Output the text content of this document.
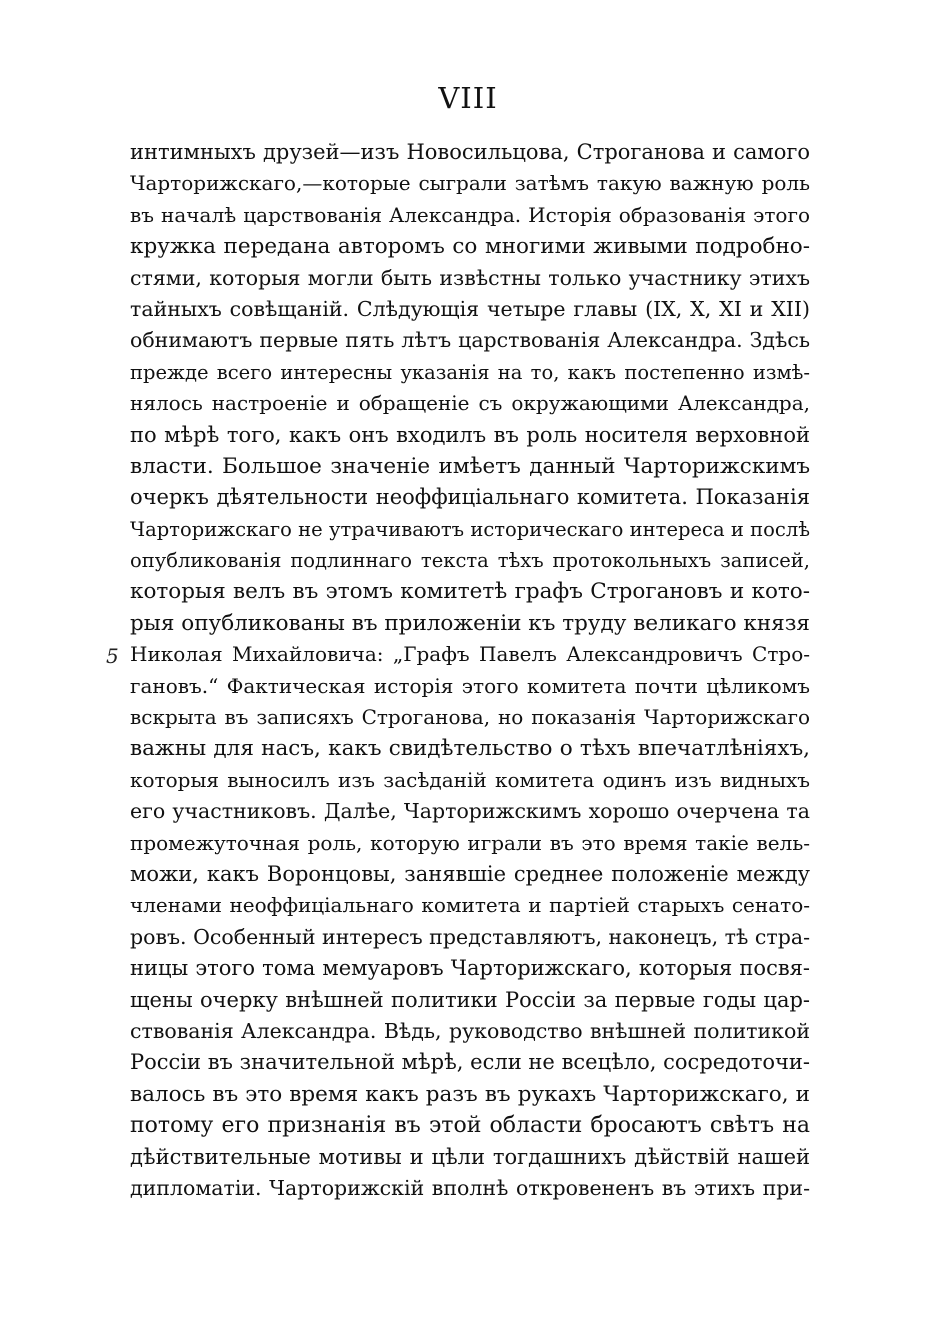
VIII
5
интимныхъ друзей—изъ Новосильцова, Строганова и самого
Чарторижскаго,—которые сыграли затѣмъ такую важную роль
въ началѣ царствованія Александра. Исторія образованія этого
кружка передана авторомъ со многими живыми подробно-
стями, которыя могли быть извѣстны только участнику этихъ
тайныхъ совѣщаній. Слѣдующія четыре главы (IX, X, XI и XII)
обнимаютъ первые пять лѣтъ царствованія Александра. Здѣсь
прежде всего интересны указанія на то, какъ постепенно измѣ-
нялось настроеніе и обращеніе съ окружающими Александра,
по мѣрѣ того, какъ онъ входилъ въ роль носителя верховной
власти. Большое значеніе имѣетъ данный Чарторижскимъ
очеркъ дѣятельности неоффиціальнаго комитета. Показанія
Чарторижскаго не утрачиваютъ историческаго интереса и послѣ
опубликованія подлиннаго текста тѣхъ протокольныхъ записей,
которыя велъ въ этомъ комитетѣ графъ Строгановъ и кото-
рыя опубликованы въ приложеніи къ труду великаго князя
Николая Михайловича: „Графъ Павелъ Александровичъ Стро-
гановъ.“ Фактическая исторія этого комитета почти цѣликомъ
вскрыта въ записяхъ Строганова, но показанія Чарторижскаго
важны для насъ, какъ свидѣтельство о тѣхъ впечатлѣніяхъ,
которыя выносилъ изъ засѣданій комитета одинъ изъ видныхъ
его участниковъ. Далѣе, Чарторижскимъ хорошо очерчена та
промежуточная роль, которую играли въ это время такіе вель-
можи, какъ Воронцовы, занявшіе среднее положеніе между
членами неоффиціальнаго комитета и партіей старыхъ сенато-
ровъ. Особенный интересъ представляютъ, наконецъ, тѣ стра-
ницы этого тома мемуаровъ Чарторижскаго, которыя посвя-
щены очерку внѣшней политики Россіи за первые годы цар-
ствованія Александра. Вѣдь, руководство внѣшней политикой
Россіи въ значительной мѣрѣ, если не всецѣло, сосредоточи-
валось въ это время какъ разъ въ рукахъ Чарторижскаго, и
потому его признанія въ этой области бросаютъ свѣтъ на
дѣйствительные мотивы и цѣли тогдашнихъ дѣйствій нашей
дипломатіи. Чарторижскій вполнѣ откровененъ въ этихъ при-
